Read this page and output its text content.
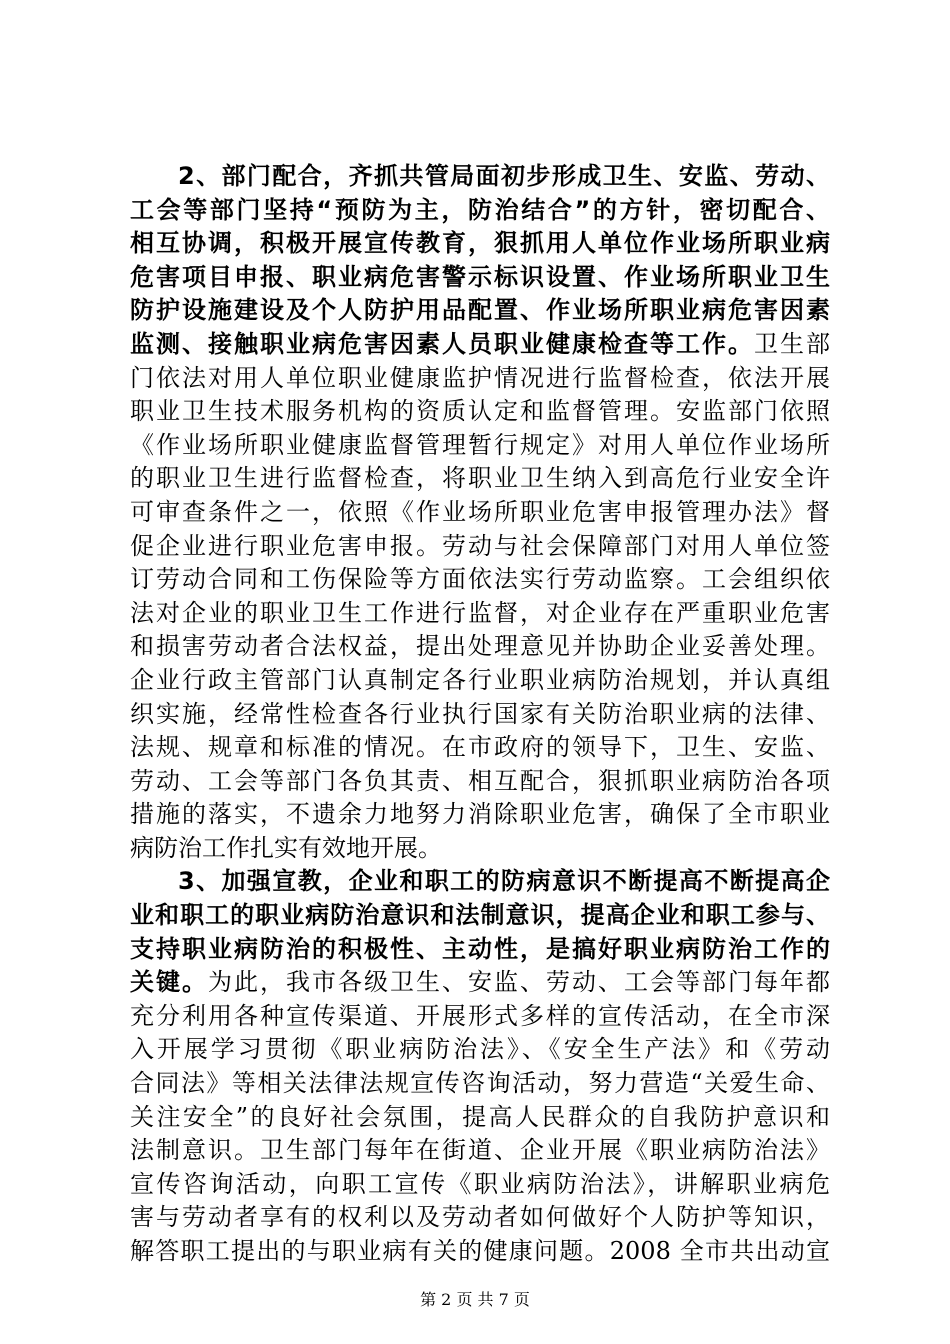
2、部门配合，齐抓共管局面初步形成卫生、安监、劳动、
工会等部门坚持“预防为主，防治结合”的方针，密切配合、
相互协调，积极开展宣传教育，狠抓用人单位作业场所职业病
危害项目申报、职业病危害警示标识设置、作业场所职业卫生
防护设施建设及个人防护用品配置、作业场所职业病危害因素
监测、接触职业病危害因素人员职业健康检查等工作。卫生部
门依法对用人单位职业健康监护情况进行监督检查，依法开展
职业卫生技术服务机构的资质认定和监督管理。安监部门依照
《作业场所职业健康监督管理暂行规定》对用人单位作业场所
的职业卫生进行监督检查，将职业卫生纳入到高危行业安全许
可审查条件之一，依照《作业场所职业危害申报管理办法》督
促企业进行职业危害申报。劳动与社会保障部门对用人单位签
订劳动合同和工伤保险等方面依法实行劳动监察。工会组织依
法对企业的职业卫生工作进行监督，对企业存在严重职业危害
和损害劳动者合法权益，提出处理意见并协助企业妥善处理。
企业行政主管部门认真制定各行业职业病防治规划，并认真组
织实施，经常性检查各行业执行国家有关防治职业病的法律、
法规、规章和标准的情况。在市政府的领导下，卫生、安监、
劳动、工会等部门各负其责、相互配合，狠抓职业病防治各项
措施的落实，不遗余力地努力消除职业危害，确保了全市职业
病防治工作扎实有效地开展。
3、加强宣教，企业和职工的防病意识不断提高不断提高企
业和职工的职业病防治意识和法制意识，提高企业和职工参与、
支持职业病防治的积极性、主动性，是搞好职业病防治工作的
关键。为此，我市各级卫生、安监、劳动、工会等部门每年都
充分利用各种宣传渠道、开展形式多样的宣传活动，在全市深
入开展学习贯彻《职业病防治法》、《安全生产法》和《劳动
合同法》等相关法律法规宣传咨询活动，努力营造“关爱生命、
关注安全”的良好社会氛围，提高人民群众的自我防护意识和
法制意识。卫生部门每年在街道、企业开展《职业病防治法》
宣传咨询活动，向职工宣传《职业病防治法》，讲解职业病危
害与劳动者享有的权利以及劳动者如何做好个人防护等知识，
解答职工提出的与职业病有关的健康问题。2008 全市共出动宣
第 2 页 共 7 页
